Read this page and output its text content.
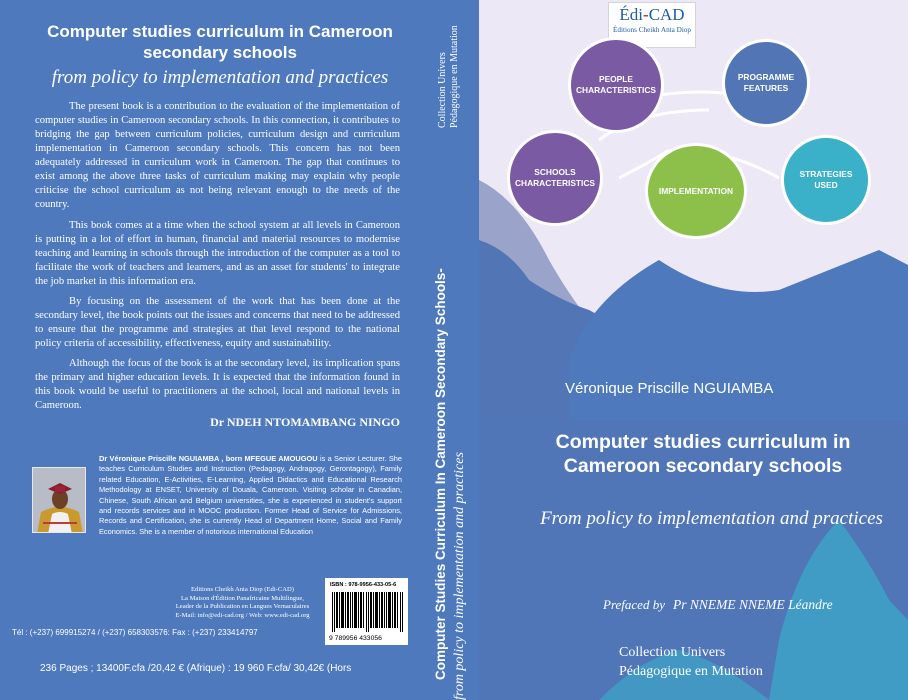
Computer studies curriculum in Cameroon secondary schools
from policy to implementation and practices

The present book is a contribution to the evaluation of the implementation of computer studies in Cameroon secondary schools. In this connection, it contributes to bridging the gap between curriculum policies, curriculum design and curriculum implementation in Cameroon secondary schools. This concern has not been adequately addressed in curriculum work in Cameroon. The gap that continues to exist among the above three tasks of curriculum making may explain why people criticise the school curriculum as not being relevant enough to the needs of the country.

This book comes at a time when the school system at all levels in Cameroon is putting in a lot of effort in human, financial and material resources to modernise teaching and learning in schools through the introduction of the computer as a tool to facilitate the work of teachers and learners, and as an asset for students' to integrate the job market in this information era.

By focusing on the assessment of the work that has been done at the secondary level, the book points out the issues and concerns that need to be addressed to ensure that the programme and strategies at that level respond to the national policy criteria of accessibility, effectiveness, equity and sustainability.

Although the focus of the book is at the secondary level, its implication spans the primary and higher education levels. It is expected that the information found in this book would be useful to practitioners at the school, local and national levels in Cameroon.

Dr NDEH NTOMAMBANG NINGO

Dr Véronique Priscille NGUIAMBA , born MFEGUE AMOUGOU is a Senior Lecturer. She teaches Curriculum Studies and Instruction (Pedagogy, Andragogy, Gerontagogy), Family related Education, E-Activities, E-Learning, Applied Didactics and Educational Research Methodology at ENSET, University of Douala, Cameroon. Visiting scholar in Canadian, Chinese, South African and Belgium universities, she is experienced in student's support and records services and in MOOC production. Former Head of Service for Admissions, Records and Certification, she is currently Head of Department Home, Social and Family Economics. She is a member of notorious international Education

Editions Cheikh Anta Diop (Edi-CAD)
La Maison d'Édition Panafricaine Multilingue,
Leader de la Publication en Langues Vernaculaires
E-Mail: info@edi-cad.org / Web: www.edi-cad.org
Tél : (+237) 699915274 / (+237) 658303576: Fax : (+237) 233414797
ISBN : 978-9956-433-05-6
9 789956 433056
236 Pages ; 13400F.cfa /20,42 € (Afrique) : 19 960 F.cfa/ 30,42€ (Hors
Collection Univers Pédagogique en Mutation
Computer Studies Curriculum In Cameroon Secondary Schools- from policy to implementation and practices
Édi-CAD
Éditions Cheikh Anta Diop
PEOPLE CHARACTERISTICS
PROGRAMME FEATURES
SCHOOLS CHARACTERISTICS
IMPLEMENTATION
STRATEGIES USED
Véronique Priscille NGUIAMBA
Computer studies curriculum in Cameroon secondary schools
From policy to implementation and practices
Prefaced by Pr NNEME NNEME Léandre
Collection Univers
Pédagogique en Mutation
